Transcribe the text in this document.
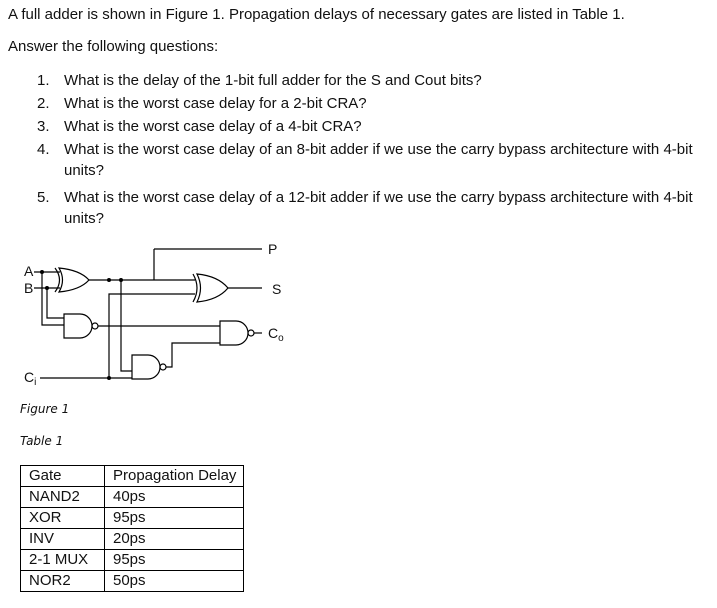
A full adder is shown in Figure 1. Propagation delays of necessary gates are listed in Table 1.
Answer the following questions:
1. What is the delay of the 1-bit full adder for the S and Cout bits?
2. What is the worst case delay for a 2-bit CRA?
3. What is the worst case delay of a 4-bit CRA?
4. What is the worst case delay of an 8-bit adder if we use the carry bypass architecture with 4-bit units?
5. What is the worst case delay of a 12-bit adder if we use the carry bypass architecture with 4-bit units?
A
B
$C_i$
P
S
$C_o$
Figure 1
Table 1
Gate	Propagation Delay
NAND2	40ps
XOR	95ps
INV	20ps
2-1 MUX	95ps
NOR2	50ps
